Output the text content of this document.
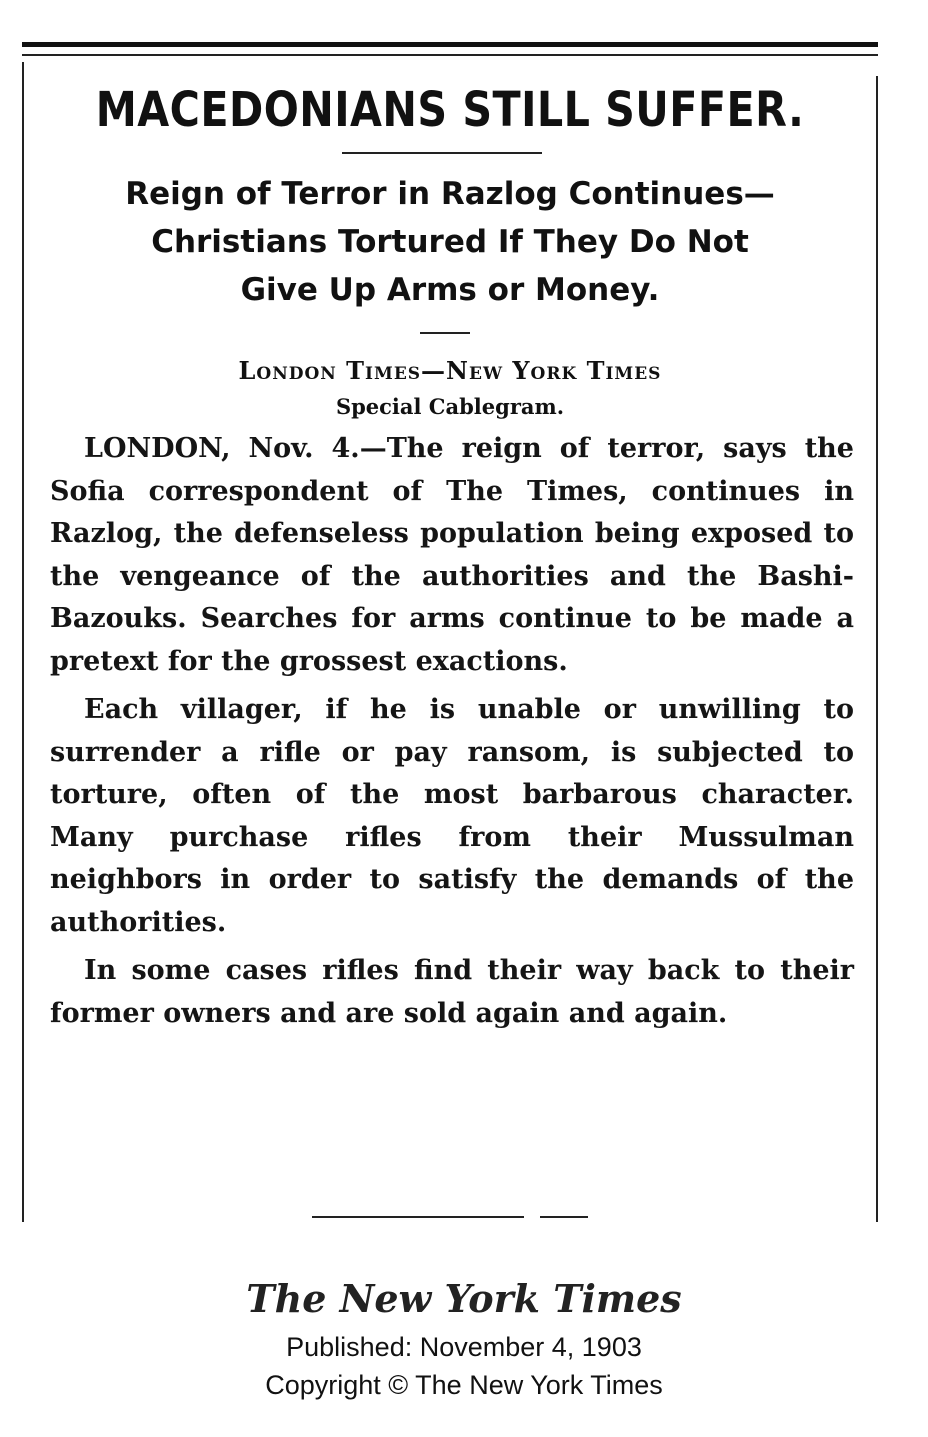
MACEDONIANS STILL SUFFER.
Reign of Terror in Razlog Continues—
Christians Tortured If They Do Not
Give Up Arms or Money.
London Times—New York Times
Special Cablegram.

LONDON, Nov. 4.—The reign of terror, says the Sofia correspondent of The Times, continues in Razlog, the defenseless population being exposed to the vengeance of the authorities and the Bashi-Bazouks. Searches for arms continue to be made a pretext for the grossest exactions.

Each villager, if he is unable or unwilling to surrender a rifle or pay ransom, is subjected to torture, often of the most barbarous character. Many purchase rifles from their Mussulman neighbors in order to satisfy the demands of the authorities.

In some cases rifles find their way back to their former owners and are sold again and again.

The New York Times
Published: November 4, 1903
Copyright © The New York Times
